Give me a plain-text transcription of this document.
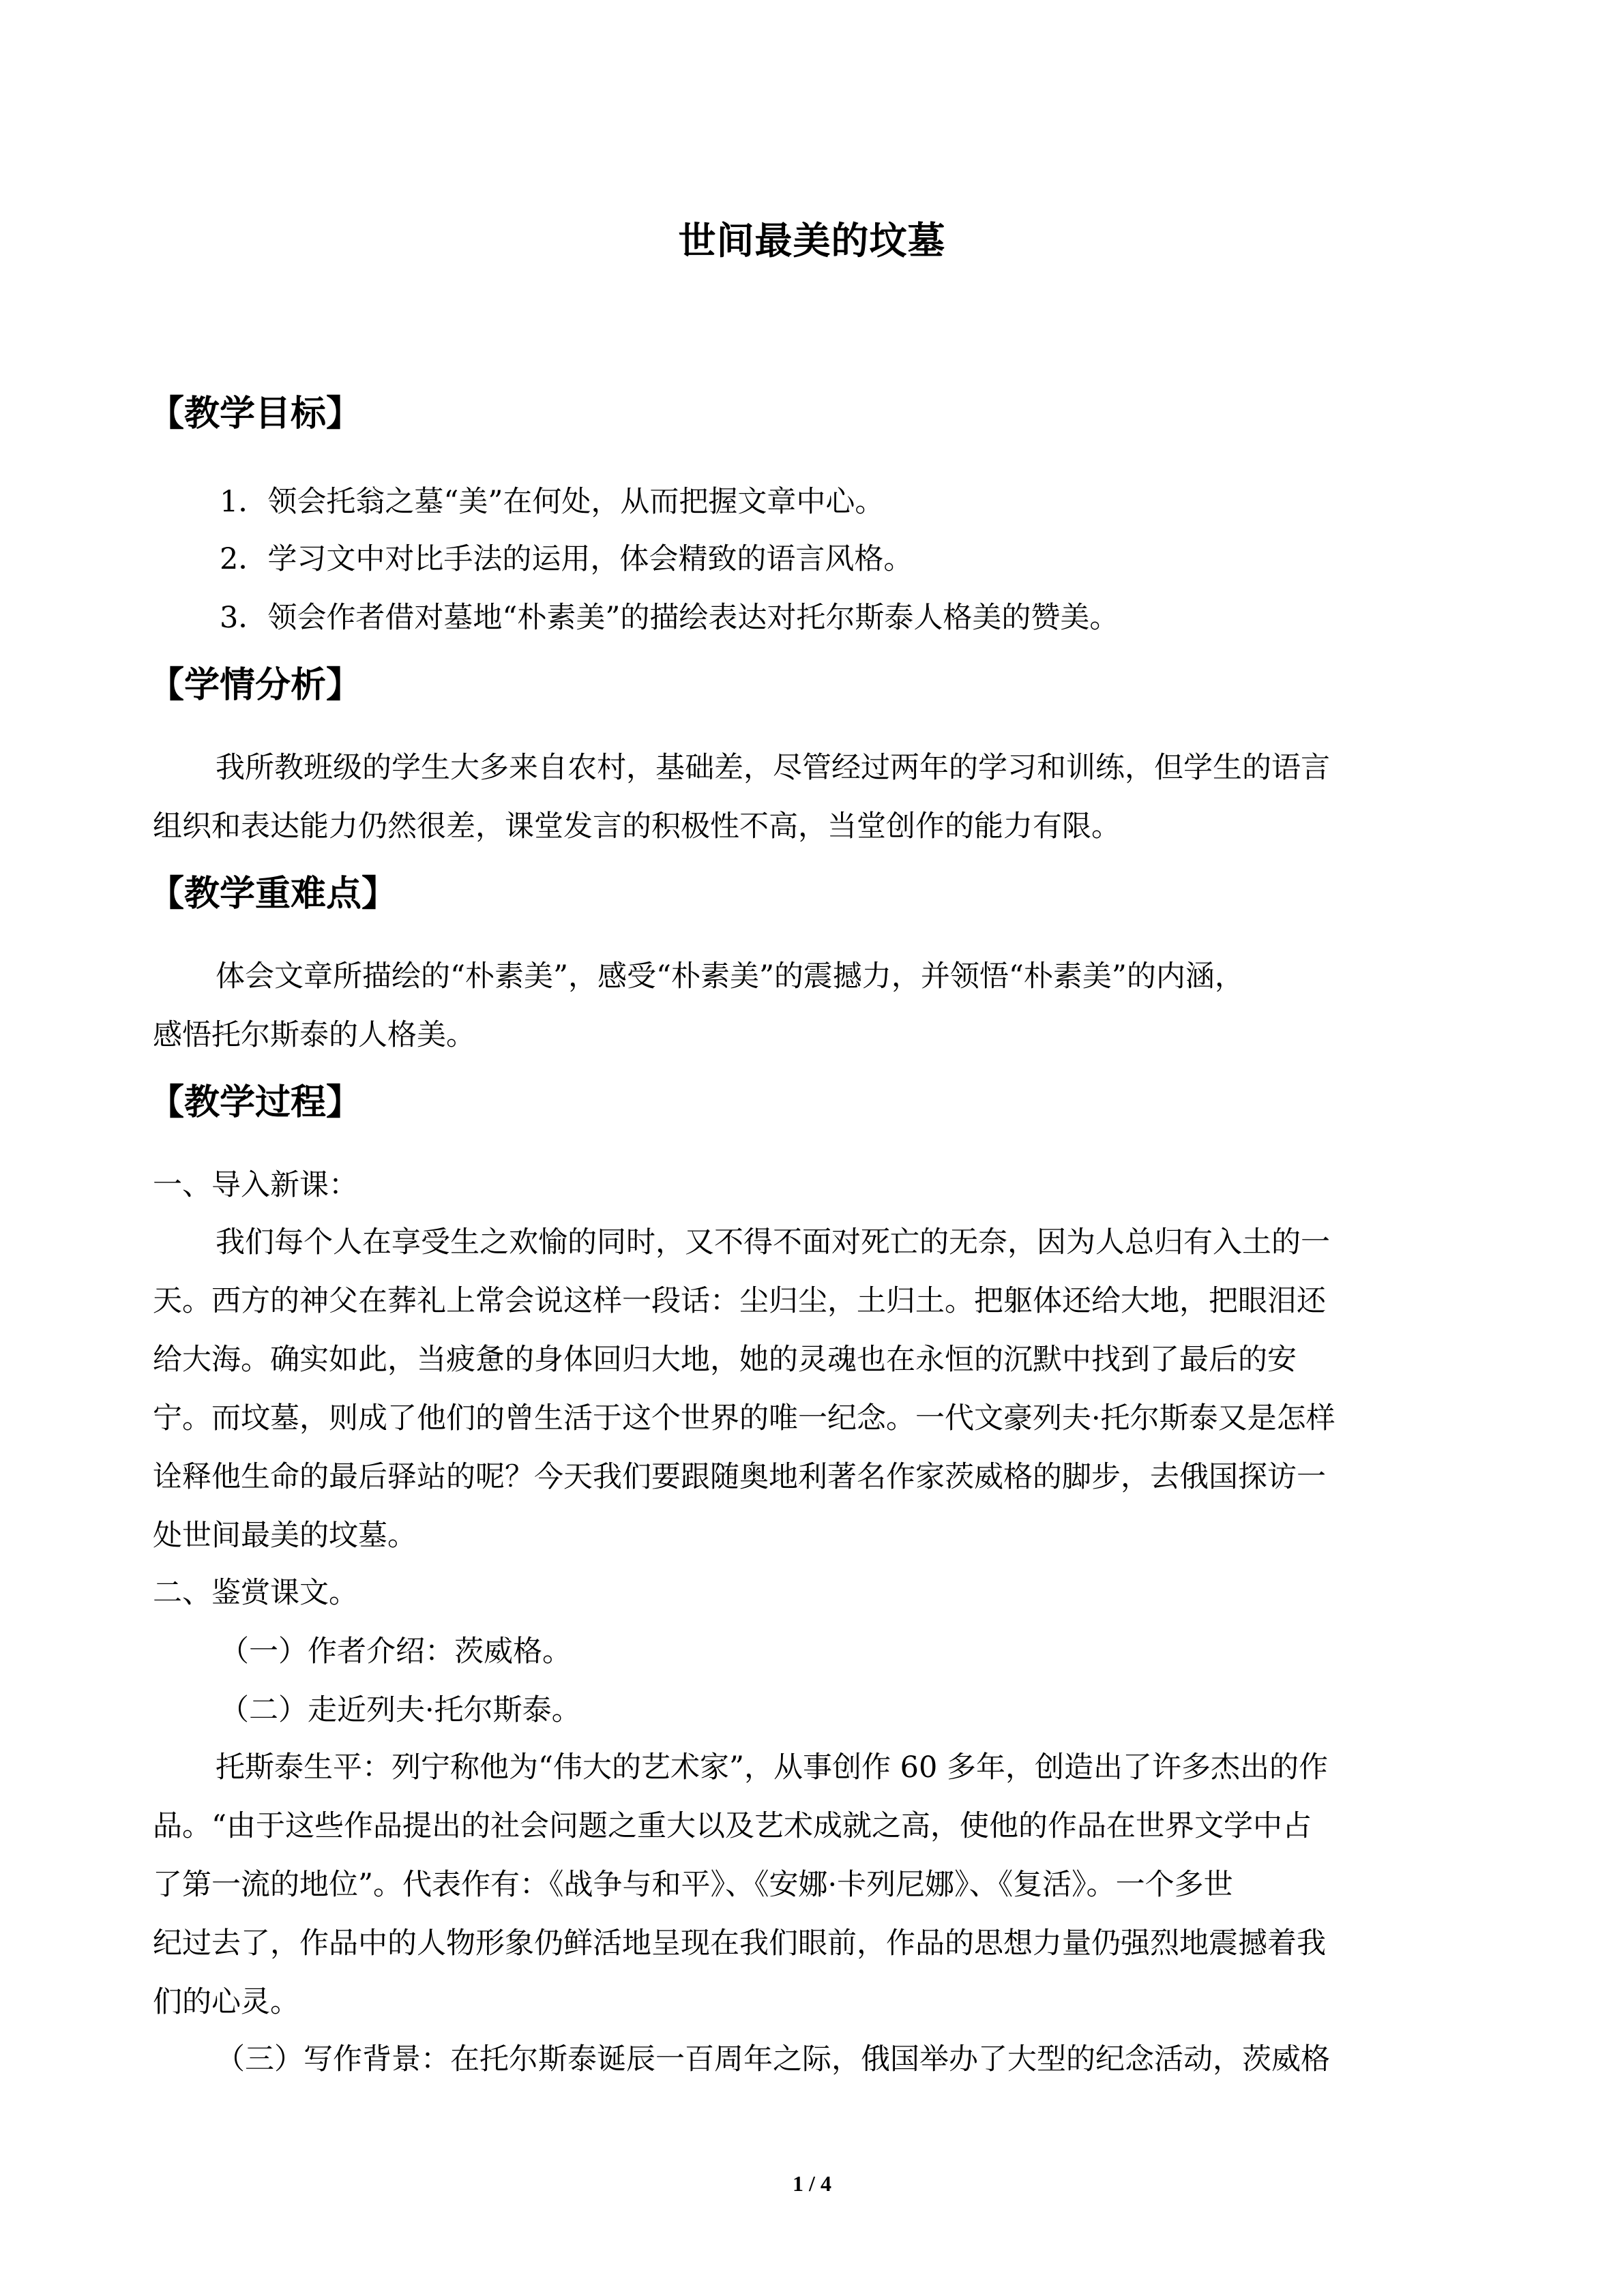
世间最美的坟墓
【教学目标】
1．领会托翁之墓“美”在何处，从而把握文章中心。
2．学习文中对比手法的运用，体会精致的语言风格。
3．领会作者借对墓地“朴素美”的描绘表达对托尔斯泰人格美的赞美。
【学情分析】
我所教班级的学生大多来自农村，基础差，尽管经过两年的学习和训练，但学生的语言
组织和表达能力仍然很差，课堂发言的积极性不高，当堂创作的能力有限。
【教学重难点】
体会文章所描绘的“朴素美”，感受“朴素美”的震撼力，并领悟“朴素美”的内涵，
感悟托尔斯泰的人格美。
【教学过程】
一、导入新课：
我们每个人在享受生之欢愉的同时，又不得不面对死亡的无奈，因为人总归有入土的一
天。西方的神父在葬礼上常会说这样一段话：尘归尘，土归土。把躯体还给大地，把眼泪还
给大海。确实如此，当疲惫的身体回归大地，她的灵魂也在永恒的沉默中找到了最后的安
宁。而坟墓，则成了他们的曾生活于这个世界的唯一纪念。一代文豪列夫·托尔斯泰又是怎样
诠释他生命的最后驿站的呢？今天我们要跟随奥地利著名作家茨威格的脚步，去俄国探访一
处世间最美的坟墓。
二、鉴赏课文。
（一）作者介绍：茨威格。
（二）走近列夫·托尔斯泰。
托斯泰生平：列宁称他为“伟大的艺术家”，从事创作 60 多年，创造出了许多杰出的作
品。“由于这些作品提出的社会问题之重大以及艺术成就之高，使他的作品在世界文学中占
了第一流的地位”。代表作有：《战争与和平》、《安娜·卡列尼娜》、《复活》。一个多世
纪过去了，作品中的人物形象仍鲜活地呈现在我们眼前，作品的思想力量仍强烈地震撼着我
们的心灵。
（三）写作背景：在托尔斯泰诞辰一百周年之际，俄国举办了大型的纪念活动，茨威格
1 / 4
